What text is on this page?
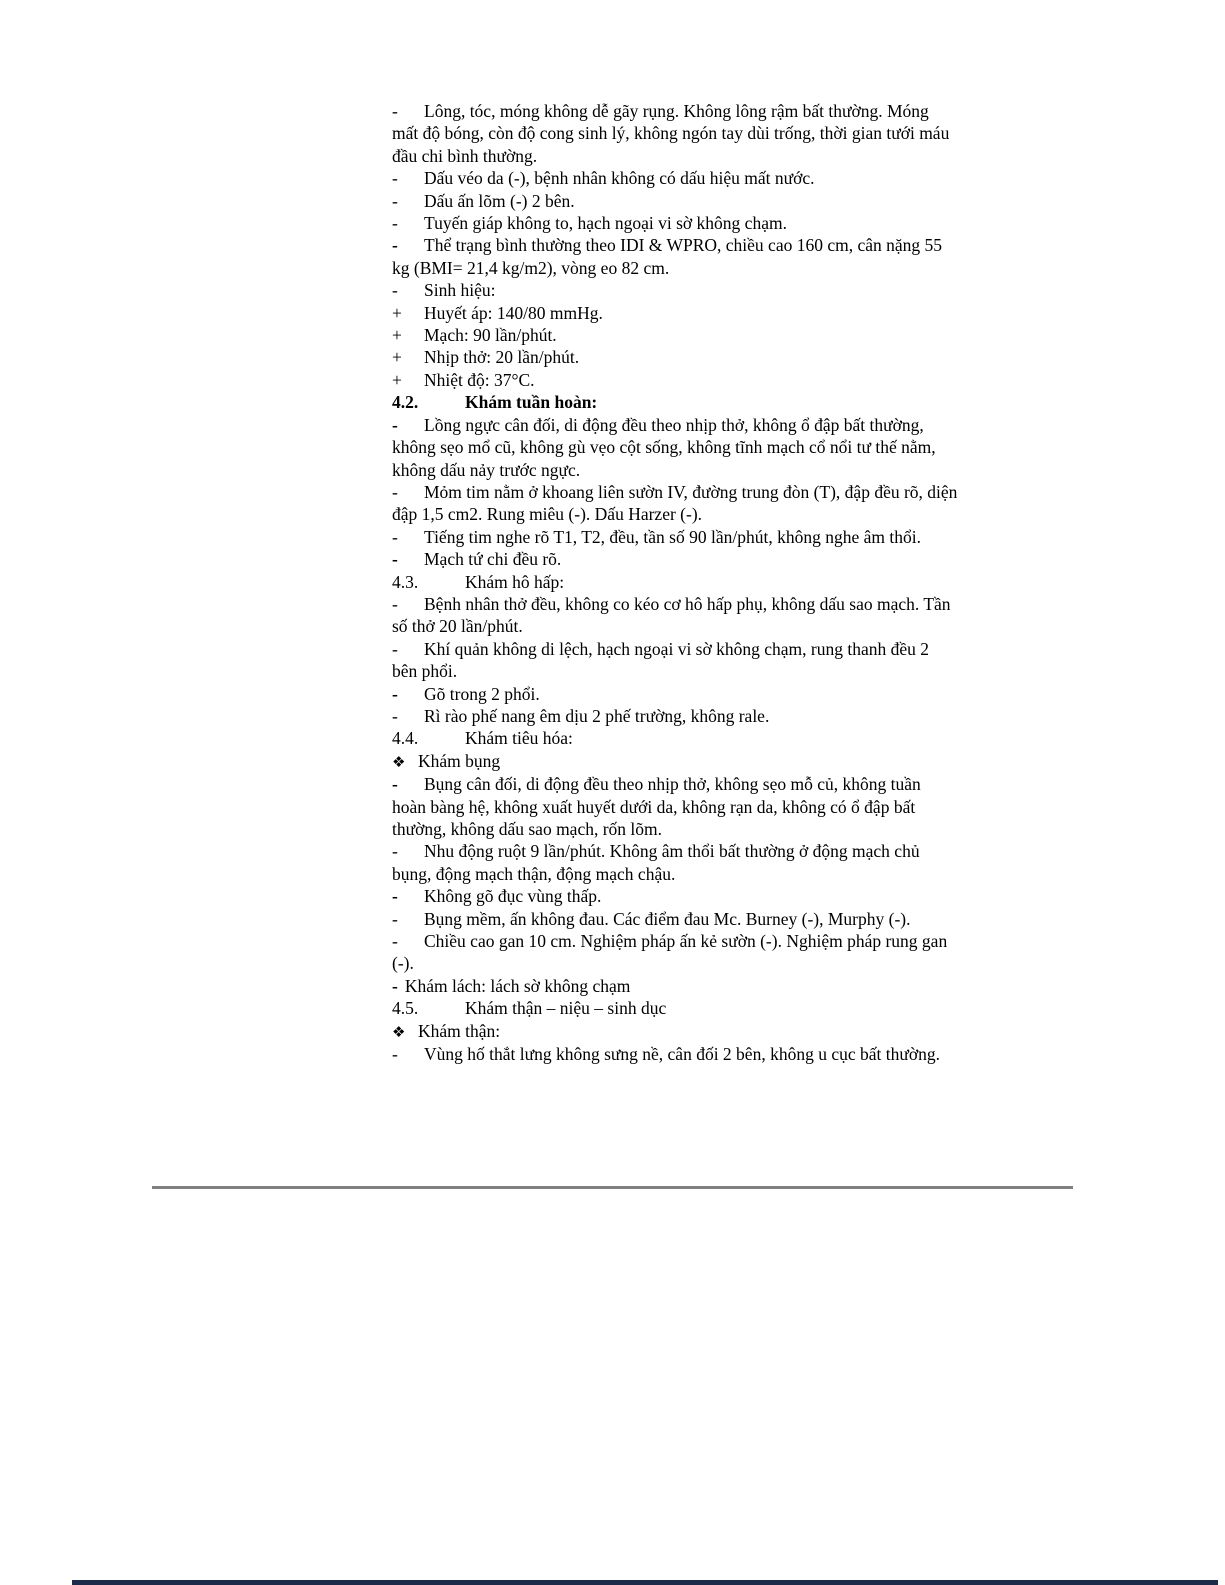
- Lông, tóc, móng không dễ gãy rụng. Không lông rậm bất thường. Móng mất độ bóng, còn độ cong sinh lý, không ngón tay dùi trống, thời gian tưới máu đầu chi bình thường.

- Dấu véo da (-), bệnh nhân không có dấu hiệu mất nước.

- Dấu ấn lõm (-) 2 bên.

- Tuyến giáp không to, hạch ngoại vi sờ không chạm.

- Thể trạng bình thường theo IDI & WPRO, chiều cao 160 cm, cân nặng 55 kg (BMI= 21,4 kg/m2), vòng eo 82 cm.

- Sinh hiệu:

+ Huyết áp: 140/80 mmHg.

+ Mạch: 90 lần/phút.

+ Nhịp thở: 20 lần/phút.

+ Nhiệt độ: 37°C.

4.2.	Khám tuần hoàn:

- Lồng ngực cân đối, di động đều theo nhịp thở, không ổ đập bất thường, không sẹo mổ cũ, không gù vẹo cột sống, không tĩnh mạch cổ nổi tư thế nằm, không dấu nảy trước ngực.

- Mỏm tim nằm ở khoang liên sườn IV, đường trung đòn (T), đập đều rõ, diện đập 1,5 cm2. Rung miêu (-). Dấu Harzer (-).

- Tiếng tim nghe rõ T1, T2, đều, tần số 90 lần/phút, không nghe âm thổi.

- Mạch tứ chi đều rõ.

4.3.	Khám hô hấp:

- Bệnh nhân thở đều, không co kéo cơ hô hấp phụ, không dấu sao mạch. Tần số thở 20 lần/phút.

- Khí quản không di lệch, hạch ngoại vi sờ không chạm, rung thanh đều 2 bên phổi.

- Gõ trong 2 phổi.

- Rì rào phế nang êm dịu 2 phế trường, không rale.

4.4.	Khám tiêu hóa:

❖ Khám bụng

- Bụng cân đối, di động đều theo nhịp thở, không sẹo mỗ củ, không tuần hoàn bàng hệ, không xuất huyết dưới da, không rạn da, không có ổ đập bất thường, không dấu sao mạch, rốn lõm.

- Nhu động ruột 9 lần/phút. Không âm thổi bất thường ở động mạch chủ bụng, động mạch thận, động mạch chậu.

- Không gõ đục vùng thấp.

- Bụng mềm, ấn không đau. Các điểm đau Mc. Burney (-), Murphy (-).

- Chiều cao gan 10 cm. Nghiệm pháp ấn kẻ sườn (-). Nghiệm pháp rung gan (-).

- Khám lách: lách sờ không chạm

4.5.	Khám thận – niệu – sinh dục

❖ Khám thận:

- Vùng hố thắt lưng không sưng nề, cân đối 2 bên, không u cục bất thường.
